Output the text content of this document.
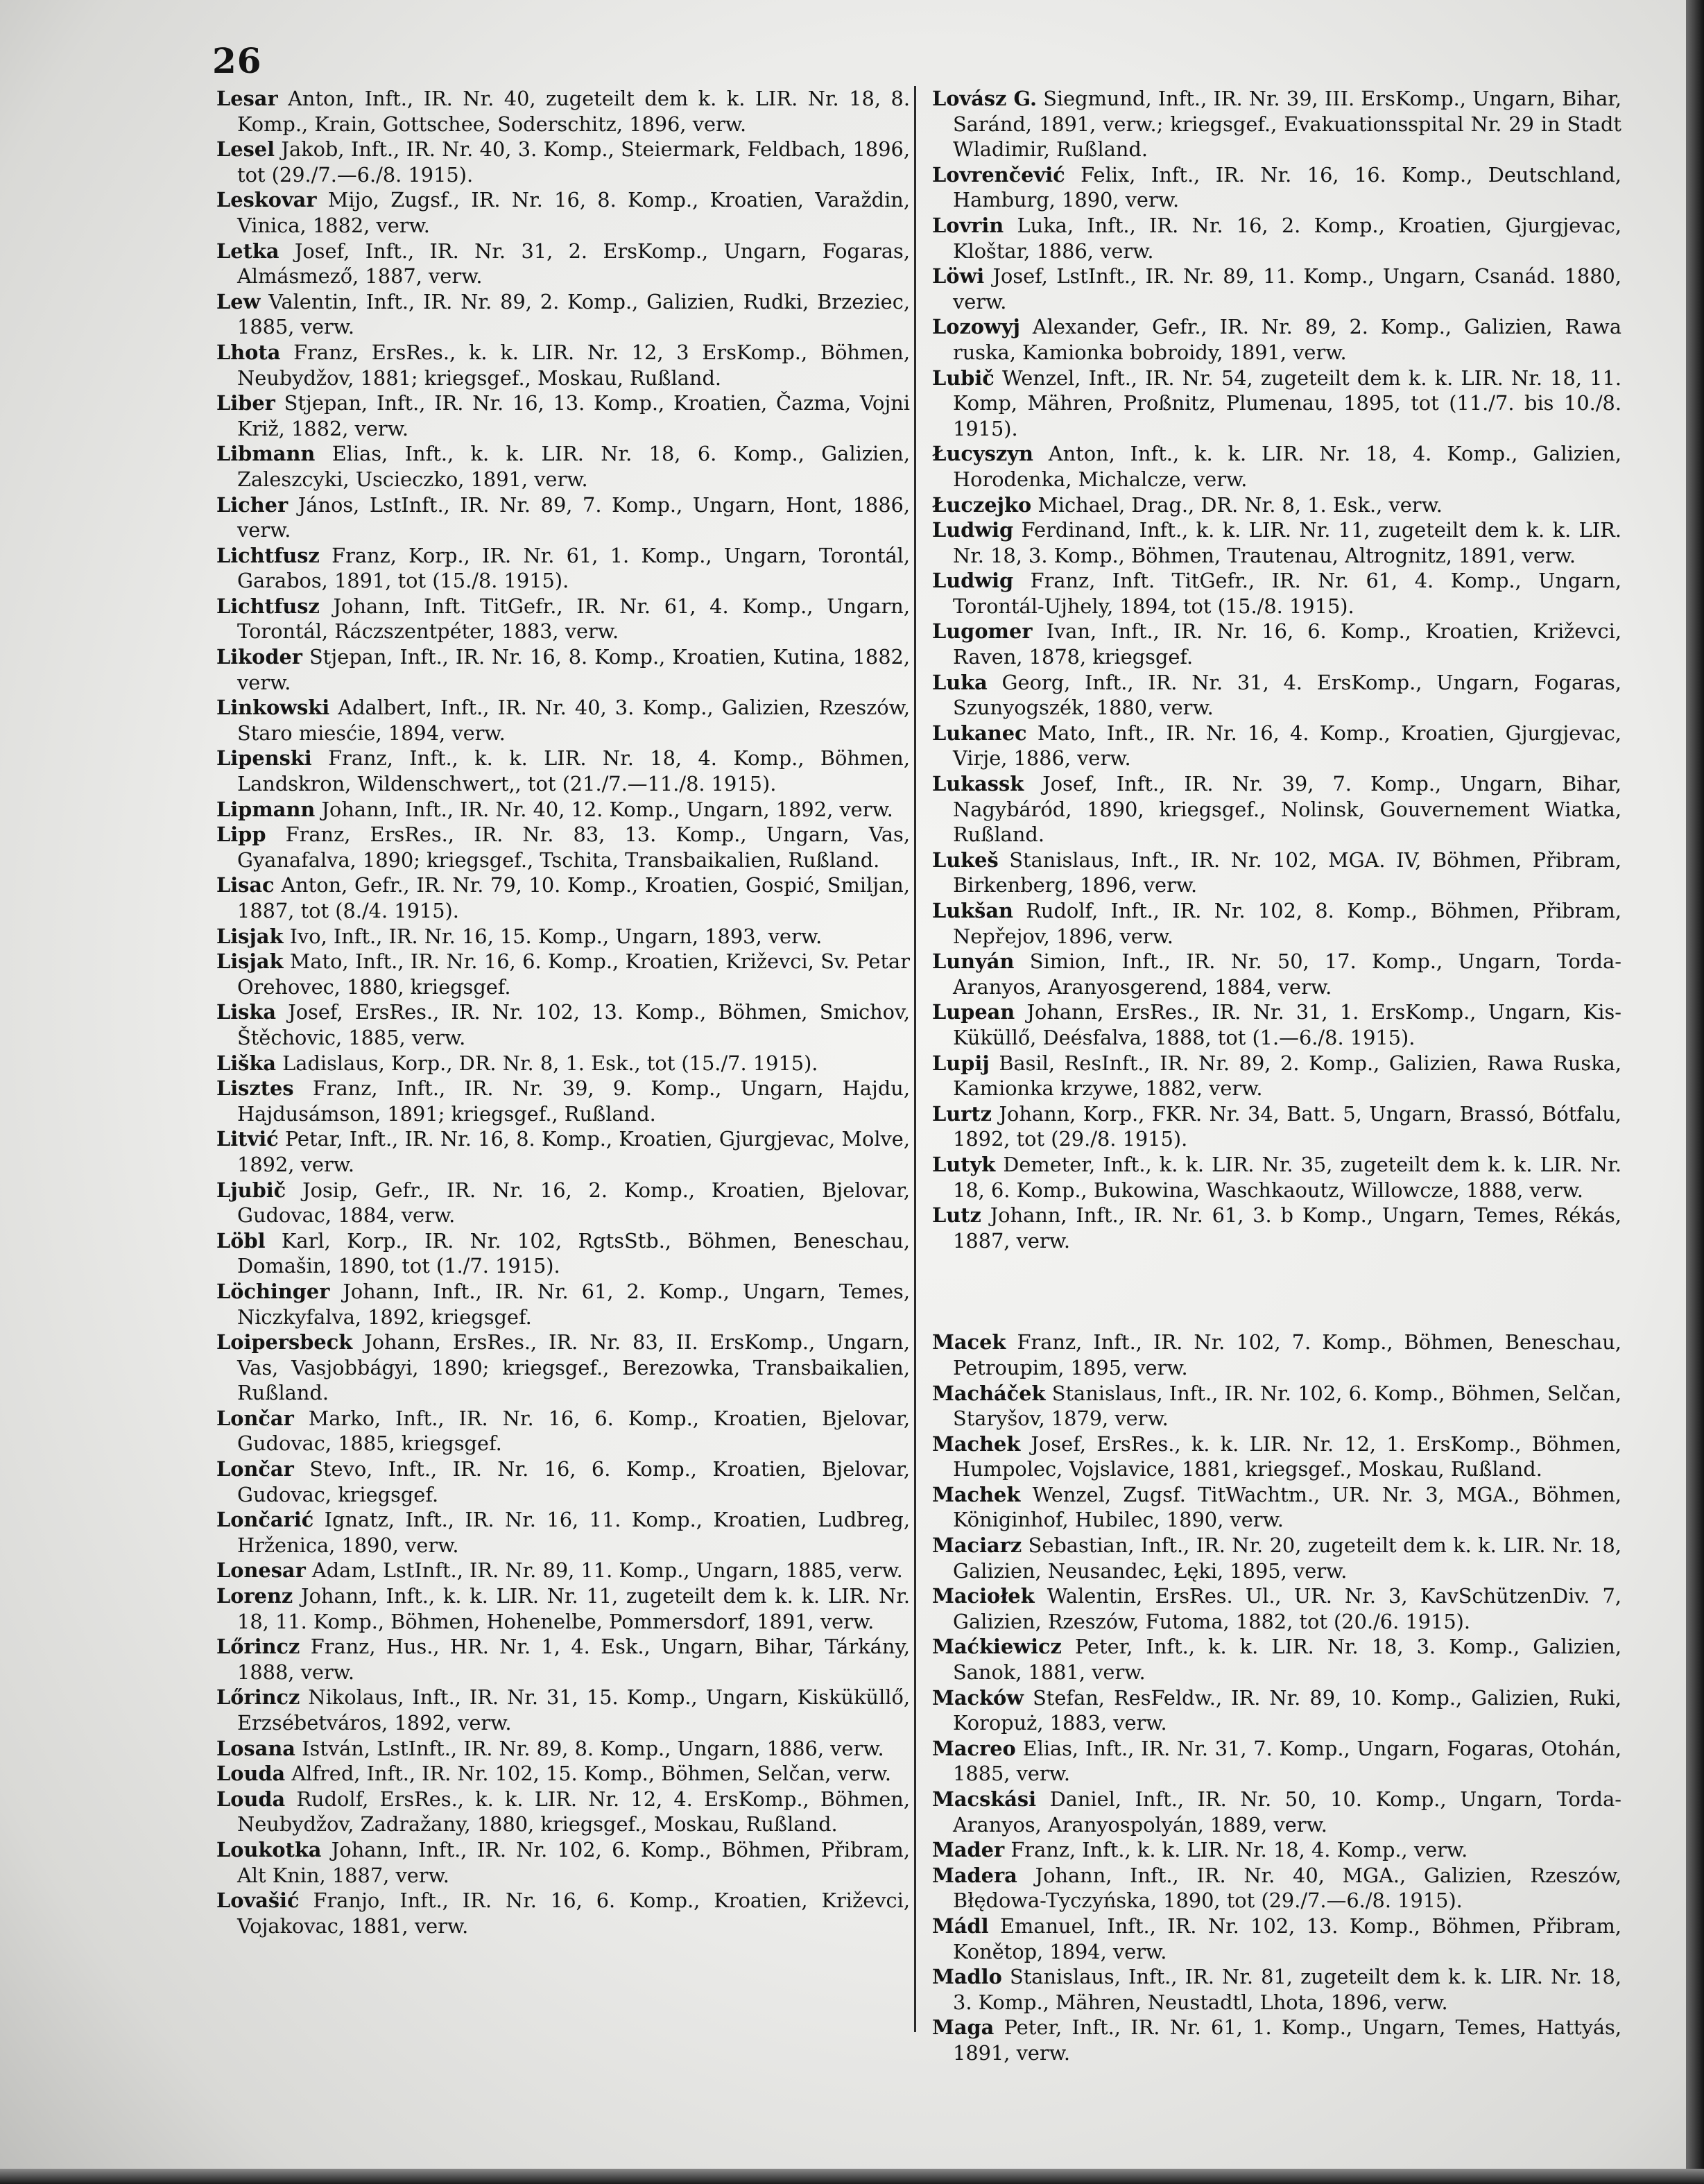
26

Lesar Anton, Inft., IR. Nr. 40, zugeteilt dem k. k. LIR. Nr. 18, 8. Komp., Krain, Gottschee, Soderschitz, 1896, verw.

Lesel Jakob, Inft., IR. Nr. 40, 3. Komp., Steiermark, Feldbach, 1896, tot (29./7.—6./8. 1915).

Leskovar Mijo, Zugsf., IR. Nr. 16, 8. Komp., Kroatien, Varaždin, Vinica, 1882, verw.

Letka Josef, Inft., IR. Nr. 31, 2. ErsKomp., Ungarn, Fogaras, Almásmező, 1887, verw.

Lew Valentin, Inft., IR. Nr. 89, 2. Komp., Galizien, Rudki, Brzeziec, 1885, verw.

Lhota Franz, ErsRes., k. k. LIR. Nr. 12, 3 ErsKomp., Böhmen, Neubydžov, 1881; kriegsgef., Moskau, Rußland.

Liber Stjepan, Inft., IR. Nr. 16, 13. Komp., Kroatien, Čazma, Vojni Križ, 1882, verw.

Libmann Elias, Inft., k. k. LIR. Nr. 18, 6. Komp., Galizien, Zaleszcyki, Uscieczko, 1891, verw.

Licher János, LstInft., IR. Nr. 89, 7. Komp., Ungarn, Hont, 1886, verw.

Lichtfusz Franz, Korp., IR. Nr. 61, 1. Komp., Ungarn, Torontál, Garabos, 1891, tot (15./8. 1915).

Lichtfusz Johann, Inft. TitGefr., IR. Nr. 61, 4. Komp., Ungarn, Torontál, Ráczszentpéter, 1883, verw.

Likoder Stjepan, Inft., IR. Nr. 16, 8. Komp., Kroatien, Kutina, 1882, verw.

Linkowski Adalbert, Inft., IR. Nr. 40, 3. Komp., Galizien, Rzeszów, Staro miesćie, 1894, verw.

Lipenski Franz, Inft., k. k. LIR. Nr. 18, 4. Komp., Böhmen, Landskron, Wildenschwert,, tot (21./7.—11./8. 1915).

Lipmann Johann, Inft., IR. Nr. 40, 12. Komp., Ungarn, 1892, verw.

Lipp Franz, ErsRes., IR. Nr. 83, 13. Komp., Ungarn, Vas, Gyanafalva, 1890; kriegsgef., Tschita, Transbaikalien, Rußland.

Lisac Anton, Gefr., IR. Nr. 79, 10. Komp., Kroatien, Gospić, Smiljan, 1887, tot (8./4. 1915).

Lisjak Ivo, Inft., IR. Nr. 16, 15. Komp., Ungarn, 1893, verw.

Lisjak Mato, Inft., IR. Nr. 16, 6. Komp., Kroatien, Križevci, Sv. Petar Orehovec, 1880, kriegsgef.

Liska Josef, ErsRes., IR. Nr. 102, 13. Komp., Böhmen, Smichov, Štěchovic, 1885, verw.

Liška Ladislaus, Korp., DR. Nr. 8, 1. Esk., tot (15./7. 1915).

Lisztes Franz, Inft., IR. Nr. 39, 9. Komp., Ungarn, Hajdu, Hajdusámson, 1891; kriegsgef., Rußland.

Litvić Petar, Inft., IR. Nr. 16, 8. Komp., Kroatien, Gjurgjevac, Molve, 1892, verw.

Ljubič Josip, Gefr., IR. Nr. 16, 2. Komp., Kroatien, Bjelovar, Gudovac, 1884, verw.

Löbl Karl, Korp., IR. Nr. 102, RgtsStb., Böhmen, Beneschau, Domašin, 1890, tot (1./7. 1915).

Löchinger Johann, Inft., IR. Nr. 61, 2. Komp., Ungarn, Temes, Niczkyfalva, 1892, kriegsgef.

Loipersbeck Johann, ErsRes., IR. Nr. 83, II. ErsKomp., Ungarn, Vas, Vasjobbágyi, 1890; kriegsgef., Berezowka, Transbaikalien, Rußland.

Lončar Marko, Inft., IR. Nr. 16, 6. Komp., Kroatien, Bjelovar, Gudovac, 1885, kriegsgef.

Lončar Stevo, Inft., IR. Nr. 16, 6. Komp., Kroatien, Bjelovar, Gudovac, kriegsgef.

Lončarić Ignatz, Inft., IR. Nr. 16, 11. Komp., Kroatien, Ludbreg, Hrženica, 1890, verw.

Lonesar Adam, LstInft., IR. Nr. 89, 11. Komp., Ungarn, 1885, verw.

Lorenz Johann, Inft., k. k. LIR. Nr. 11, zugeteilt dem k. k. LIR. Nr. 18, 11. Komp., Böhmen, Hohenelbe, Pommersdorf, 1891, verw.

Lőrincz Franz, Hus., HR. Nr. 1, 4. Esk., Ungarn, Bihar, Tárkány, 1888, verw.

Lőrincz Nikolaus, Inft., IR. Nr. 31, 15. Komp., Ungarn, Kisküküllő, Erzsébetváros, 1892, verw.

Losana István, LstInft., IR. Nr. 89, 8. Komp., Ungarn, 1886, verw.

Louda Alfred, Inft., IR. Nr. 102, 15. Komp., Böhmen, Selčan, verw.

Louda Rudolf, ErsRes., k. k. LIR. Nr. 12, 4. ErsKomp., Böhmen, Neubydžov, Zadražany, 1880, kriegsgef., Moskau, Rußland.

Loukotka Johann, Inft., IR. Nr. 102, 6. Komp., Böhmen, Přibram, Alt Knin, 1887, verw.

Lovašić Franjo, Inft., IR. Nr. 16, 6. Komp., Kroatien, Križevci, Vojakovac, 1881, verw.

Lovász G. Siegmund, Inft., IR. Nr. 39, III. ErsKomp., Ungarn, Bihar, Saránd, 1891, verw.; kriegsgef., Evakuationsspital Nr. 29 in Stadt Wladimir, Rußland.

Lovrenčević Felix, Inft., IR. Nr. 16, 16. Komp., Deutschland, Hamburg, 1890, verw.

Lovrin Luka, Inft., IR. Nr. 16, 2. Komp., Kroatien, Gjurgjevac, Kloštar, 1886, verw.

Löwi Josef, LstInft., IR. Nr. 89, 11. Komp., Ungarn, Csanád. 1880, verw.

Lozowyj Alexander, Gefr., IR. Nr. 89, 2. Komp., Galizien, Rawa ruska, Kamionka bobroidy, 1891, verw.

Lubič Wenzel, Inft., IR. Nr. 54, zugeteilt dem k. k. LIR. Nr. 18, 11. Komp, Mähren, Proßnitz, Plumenau, 1895, tot (11./7. bis 10./8. 1915).

Łucyszyn Anton, Inft., k. k. LIR. Nr. 18, 4. Komp., Galizien, Horodenka, Michalcze, verw.

Łuczejko Michael, Drag., DR. Nr. 8, 1. Esk., verw.

Ludwig Ferdinand, Inft., k. k. LIR. Nr. 11, zugeteilt dem k. k. LIR. Nr. 18, 3. Komp., Böhmen, Trautenau, Altrognitz, 1891, verw.

Ludwig Franz, Inft. TitGefr., IR. Nr. 61, 4. Komp., Ungarn, Torontál-Ujhely, 1894, tot (15./8. 1915).

Lugomer Ivan, Inft., IR. Nr. 16, 6. Komp., Kroatien, Križevci, Raven, 1878, kriegsgef.

Luka Georg, Inft., IR. Nr. 31, 4. ErsKomp., Ungarn, Fogaras, Szunyogszék, 1880, verw.

Lukanec Mato, Inft., IR. Nr. 16, 4. Komp., Kroatien, Gjurgjevac, Virje, 1886, verw.

Lukassk Josef, Inft., IR. Nr. 39, 7. Komp., Ungarn, Bihar, Nagybáród, 1890, kriegsgef., Nolinsk, Gouvernement Wiatka, Rußland.

Lukeš Stanislaus, Inft., IR. Nr. 102, MGA. IV, Böhmen, Přibram, Birkenberg, 1896, verw.

Lukšan Rudolf, Inft., IR. Nr. 102, 8. Komp., Böhmen, Přibram, Nepřejov, 1896, verw.

Lunyán Simion, Inft., IR. Nr. 50, 17. Komp., Ungarn, Torda-Aranyos, Aranyosgerend, 1884, verw.

Lupean Johann, ErsRes., IR. Nr. 31, 1. ErsKomp., Ungarn, Kis-Küküllő, Deésfalva, 1888, tot (1.—6./8. 1915).

Lupij Basil, ResInft., IR. Nr. 89, 2. Komp., Galizien, Rawa Ruska, Kamionka krzywe, 1882, verw.

Lurtz Johann, Korp., FKR. Nr. 34, Batt. 5, Ungarn, Brassó, Bótfalu, 1892, tot (29./8. 1915).

Lutyk Demeter, Inft., k. k. LIR. Nr. 35, zugeteilt dem k. k. LIR. Nr. 18, 6. Komp., Bukowina, Waschkaoutz, Willowcze, 1888, verw.

Lutz Johann, Inft., IR. Nr. 61, 3. b Komp., Ungarn, Temes, Rékás, 1887, verw.

Macek Franz, Inft., IR. Nr. 102, 7. Komp., Böhmen, Beneschau, Petroupim, 1895, verw.

Macháček Stanislaus, Inft., IR. Nr. 102, 6. Komp., Böhmen, Selčan, Staryšov, 1879, verw.

Machek Josef, ErsRes., k. k. LIR. Nr. 12, 1. ErsKomp., Böhmen, Humpolec, Vojslavice, 1881, kriegsgef., Moskau, Rußland.

Machek Wenzel, Zugsf. TitWachtm., UR. Nr. 3, MGA., Böhmen, Königinhof, Hubilec, 1890, verw.

Maciarz Sebastian, Inft., IR. Nr. 20, zugeteilt dem k. k. LIR. Nr. 18, Galizien, Neusandec, Łęki, 1895, verw.

Maciołek Walentin, ErsRes. Ul., UR. Nr. 3, KavSchützenDiv. 7, Galizien, Rzeszów, Futoma, 1882, tot (20./6. 1915).

Maćkiewicz Peter, Inft., k. k. LIR. Nr. 18, 3. Komp., Galizien, Sanok, 1881, verw.

Macków Stefan, ResFeldw., IR. Nr. 89, 10. Komp., Galizien, Ruki, Koropuż, 1883, verw.

Macreo Elias, Inft., IR. Nr. 31, 7. Komp., Ungarn, Fogaras, Otohán, 1885, verw.

Macskási Daniel, Inft., IR. Nr. 50, 10. Komp., Ungarn, Torda-Aranyos, Aranyospolyán, 1889, verw.

Mader Franz, Inft., k. k. LIR. Nr. 18, 4. Komp., verw.

Madera Johann, Inft., IR. Nr. 40, MGA., Galizien, Rzeszów, Błędowa-Tyczyńska, 1890, tot (29./7.—6./8. 1915).

Mádl Emanuel, Inft., IR. Nr. 102, 13. Komp., Böhmen, Přibram, Konětop, 1894, verw.

Madlo Stanislaus, Inft., IR. Nr. 81, zugeteilt dem k. k. LIR. Nr. 18, 3. Komp., Mähren, Neustadtl, Lhota, 1896, verw.

Maga Peter, Inft., IR. Nr. 61, 1. Komp., Ungarn, Temes, Hattyás, 1891, verw.
